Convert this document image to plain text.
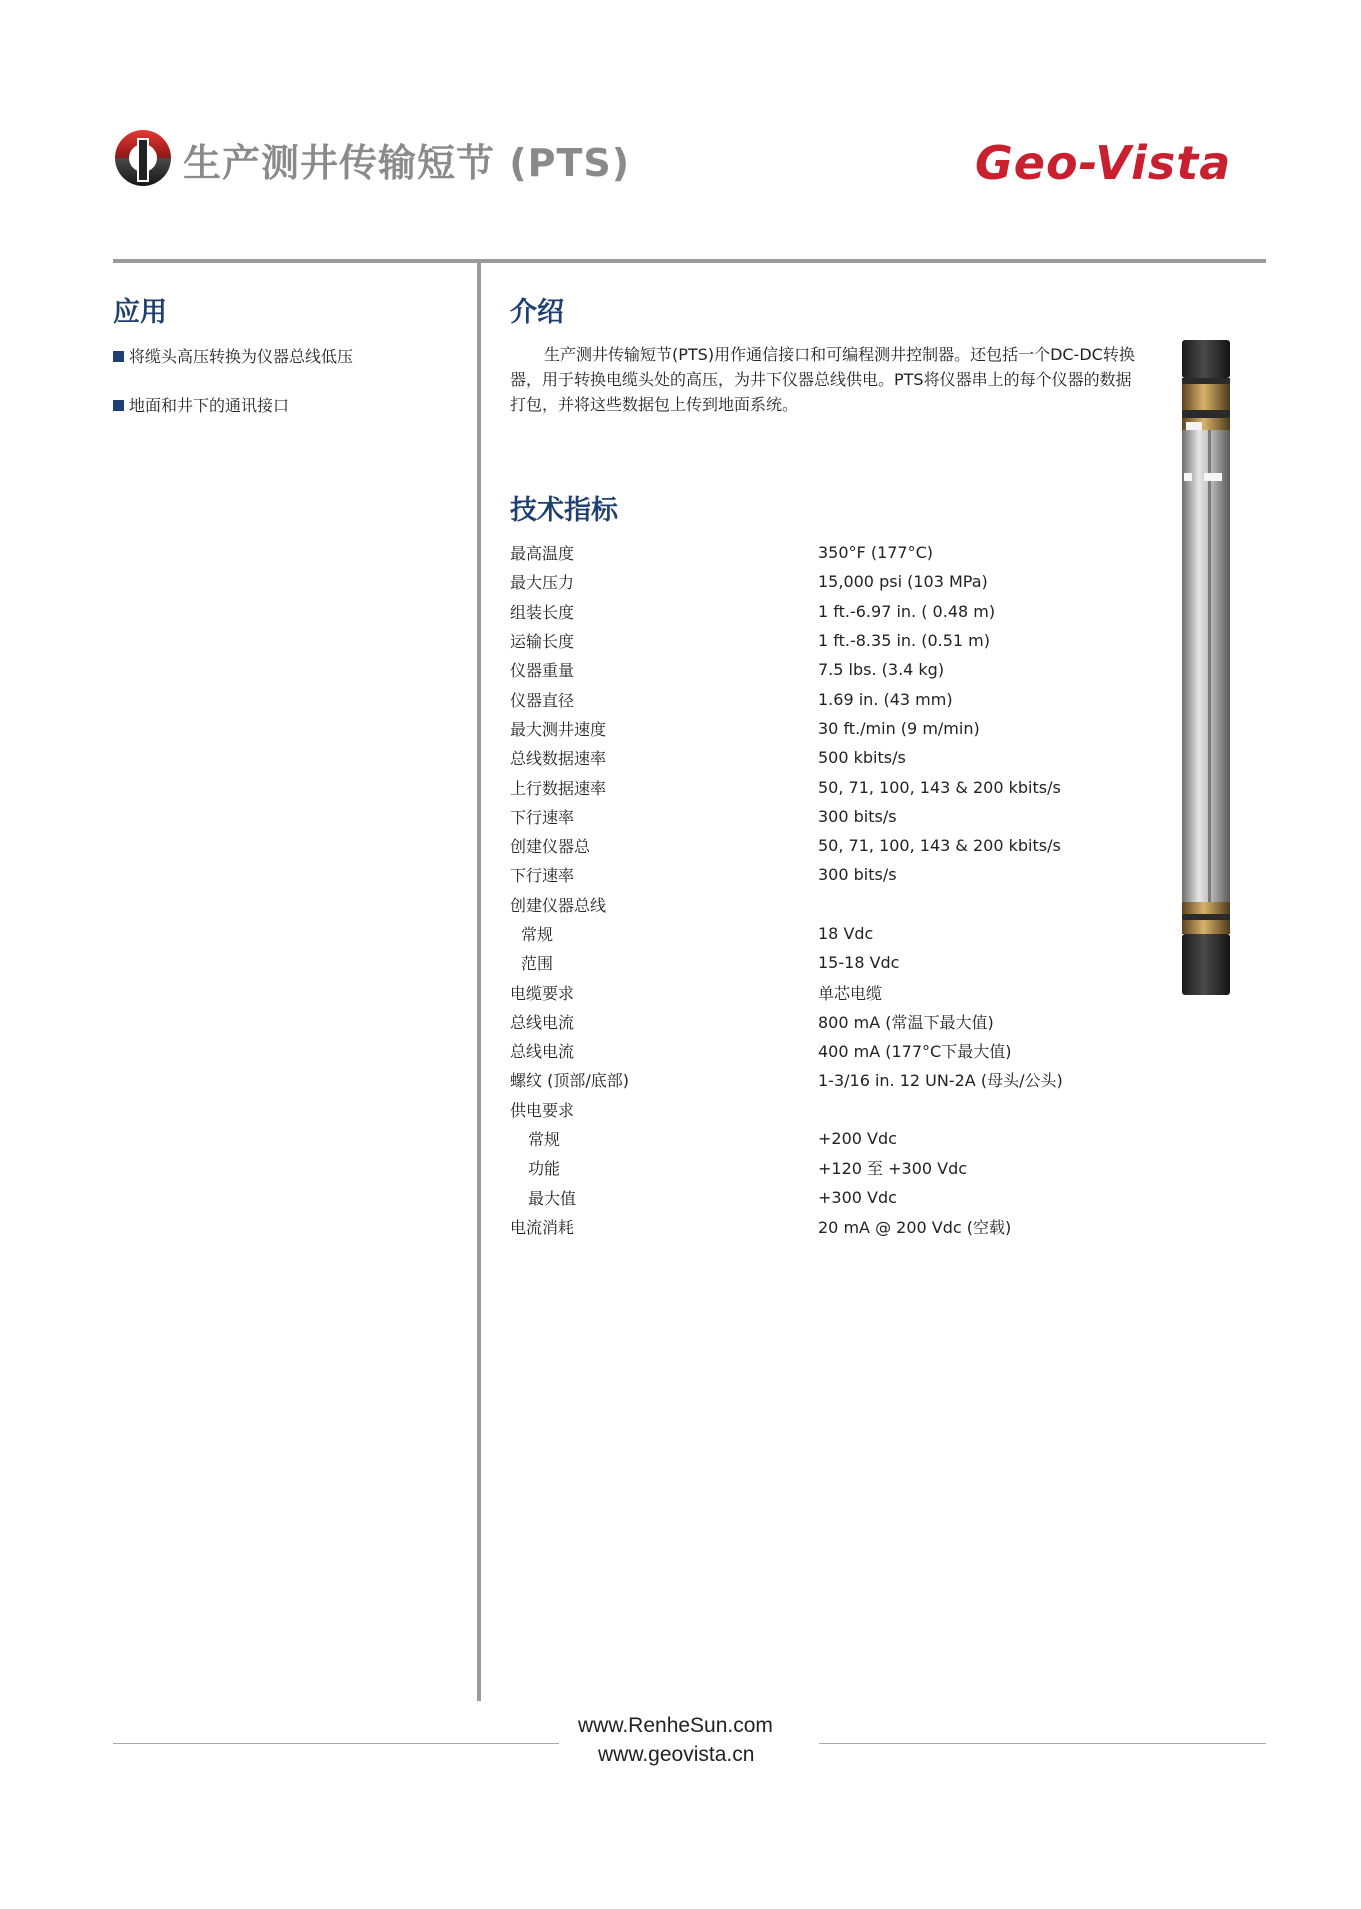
生产测井传输短节 (PTS)	Geo-Vista
应用
将缆头高压转换为仪器总线低压
地面和井下的通讯接口
介绍

生产测井传输短节(PTS)用作通信接口和可编程测井控制器。还包括一个DC-DC转换器，用于转换电缆头处的高压，为井下仪器总线供电。PTS将仪器串上的每个仪器的数据打包，并将这些数据包上传到地面系统。

技术指标
最高温度	350°F (177°C)
最大压力	15,000 psi (103 MPa)
组装长度	1 ft.-6.97 in. ( 0.48 m)
运输长度	1 ft.-8.35 in. (0.51 m)
仪器重量	7.5 lbs. (3.4 kg)
仪器直径	1.69 in. (43 mm)
最大测井速度	30 ft./min (9 m/min)
总线数据速率	500 kbits/s
上行数据速率	50, 71, 100, 143 & 200 kbits/s
下行速率	300 bits/s
创建仪器总	50, 71, 100, 143 & 200 kbits/s
下行速率	300 bits/s
创建仪器总线
常规	18 Vdc
范围	15-18 Vdc
电缆要求	单芯电缆
总线电流	800 mA (常温下最大值)
总线电流	400 mA (177°C下最大值)
螺纹 (顶部/底部)	1-3/16 in. 12 UN-2A (母头/公头)
供电要求
常规	+200 Vdc
功能	+120 至 +300 Vdc
最大值	+300 Vdc
电流消耗	20 mA @ 200 Vdc (空载)
www.RenheSun.com
www.geovista.cn
